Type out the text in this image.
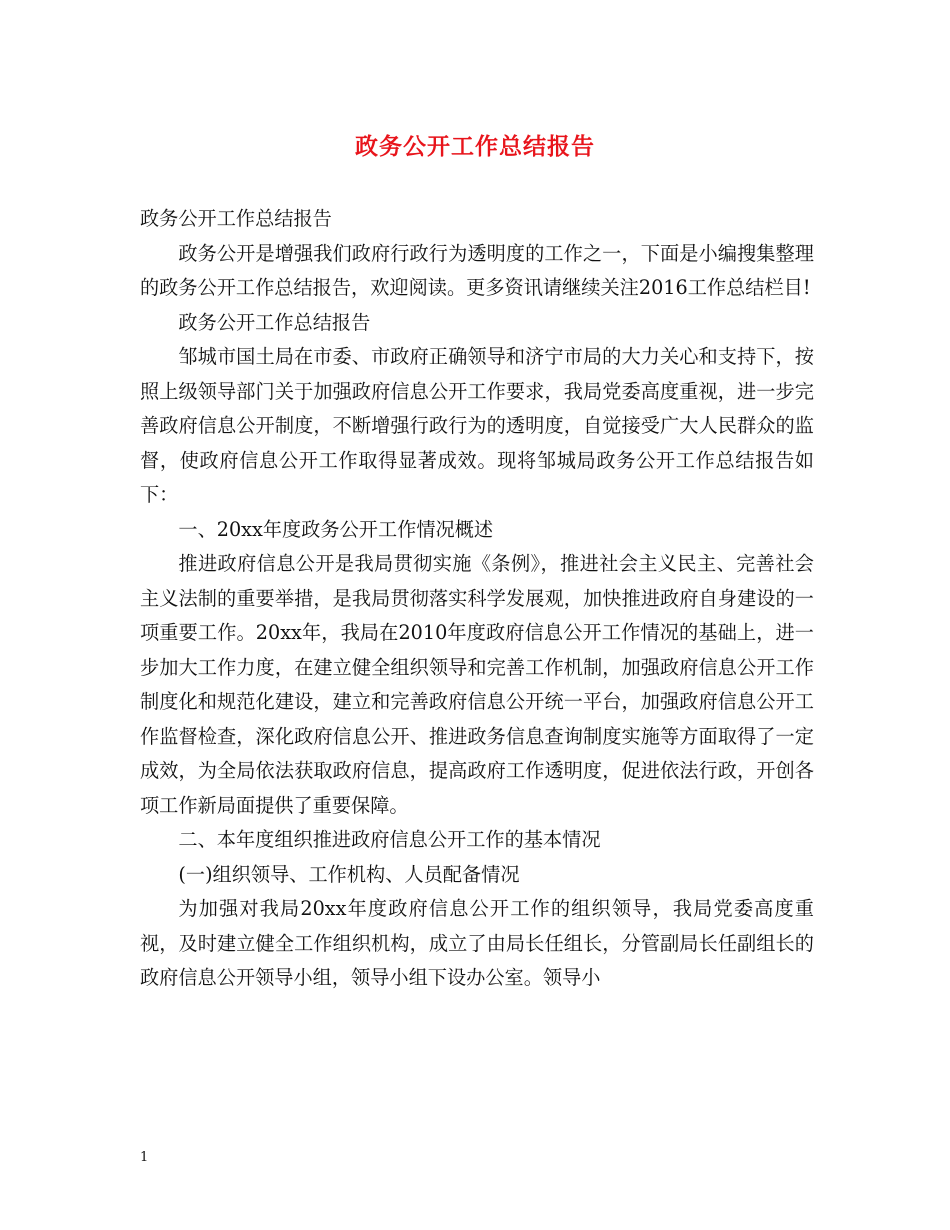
政务公开工作总结报告

政务公开工作总结报告

政务公开是增强我们政府行政行为透明度的工作之一，下面是小编搜集整理的政务公开工作总结报告，欢迎阅读。更多资讯请继续关注2016工作总结栏目!

政务公开工作总结报告

邹城市国土局在市委、市政府正确领导和济宁市局的大力关心和支持下，按照上级领导部门关于加强政府信息公开工作要求，我局党委高度重视，进一步完善政府信息公开制度，不断增强行政行为的透明度，自觉接受广大人民群众的监督，使政府信息公开工作取得显著成效。现将邹城局政务公开工作总结报告如下：

一、20xx年度政务公开工作情况概述

推进政府信息公开是我局贯彻实施《条例》，推进社会主义民主、完善社会主义法制的重要举措，是我局贯彻落实科学发展观，加快推进政府自身建设的一项重要工作。20xx年，我局在2010年度政府信息公开工作情况的基础上，进一步加大工作力度，在建立健全组织领导和完善工作机制，加强政府信息公开工作制度化和规范化建设，建立和完善政府信息公开统一平台，加强政府信息公开工作监督检查，深化政府信息公开、推进政务信息查询制度实施等方面取得了一定成效，为全局依法获取政府信息，提高政府工作透明度，促进依法行政，开创各项工作新局面提供了重要保障。

二、本年度组织推进政府信息公开工作的基本情况

(一)组织领导、工作机构、人员配备情况

为加强对我局20xx年度政府信息公开工作的组织领导，我局党委高度重视，及时建立健全工作组织机构，成立了由局长任组长，分管副局长任副组长的政府信息公开领导小组，领导小组下设办公室。领导小

1
